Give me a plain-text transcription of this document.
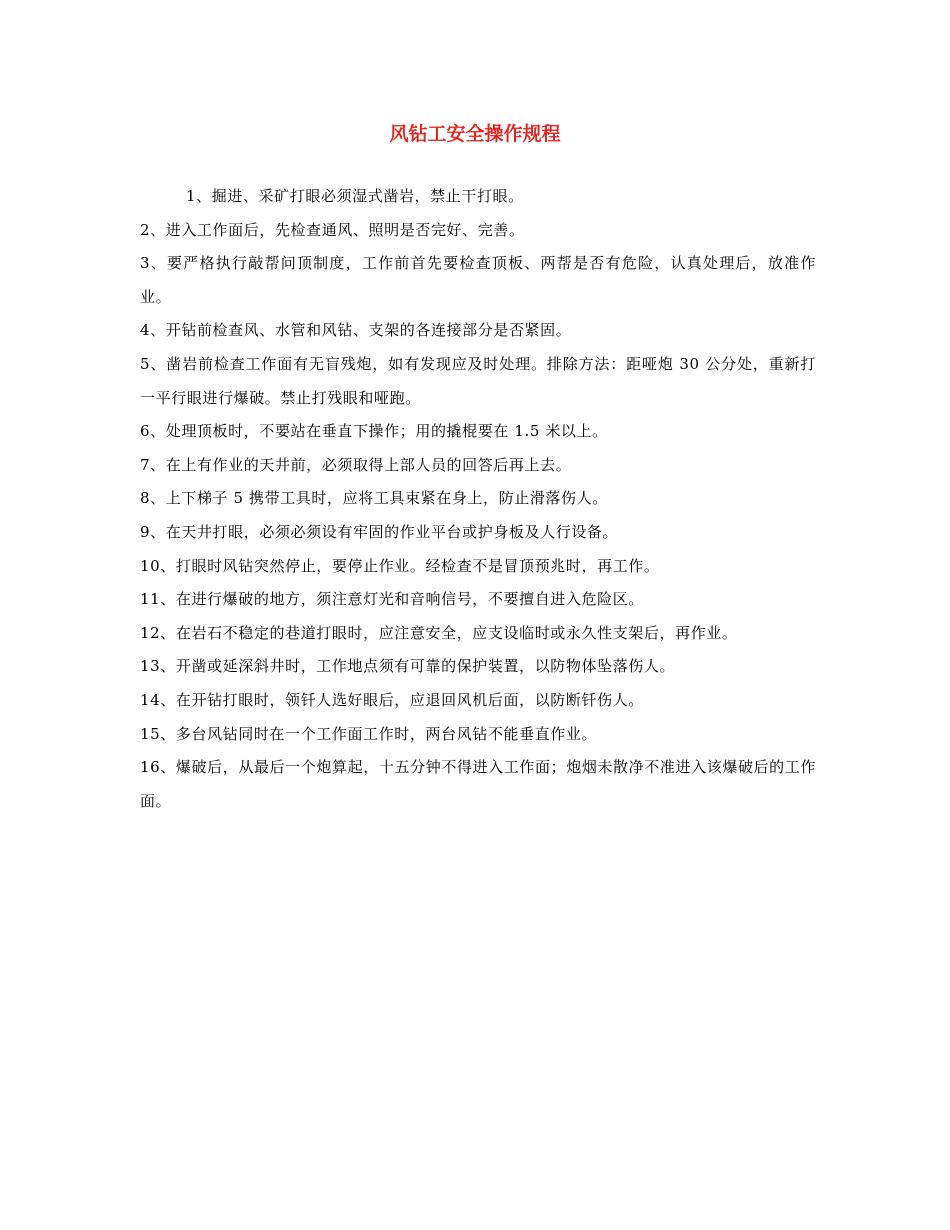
风钻工安全操作规程

1、掘进、采矿打眼必须湿式凿岩，禁止干打眼。

2、进入工作面后，先检查通风、照明是否完好、完善。

3、要严格执行敲帮问顶制度，工作前首先要检查顶板、两帮是否有危险，认真处理后，放准作业。

4、开钻前检查风、水管和风钻、支架的各连接部分是否紧固。

5、凿岩前检查工作面有无盲残炮，如有发现应及时处理。排除方法：距哑炮 30 公分处，重新打一平行眼进行爆破。禁止打残眼和哑跑。

6、处理顶板时，不要站在垂直下操作；用的撬棍要在 1.5 米以上。

7、在上有作业的天井前，必须取得上部人员的回答后再上去。

8、上下梯子 5 携带工具时，应将工具束紧在身上，防止滑落伤人。

9、在天井打眼，必须必须设有牢固的作业平台或护身板及人行设备。

10、打眼时风钻突然停止，要停止作业。经检查不是冒顶预兆时，再工作。

11、在进行爆破的地方，须注意灯光和音响信号，不要擅自进入危险区。

12、在岩石不稳定的巷道打眼时，应注意安全，应支设临时或永久性支架后，再作业。

13、开凿或延深斜井时，工作地点须有可靠的保护装置，以防物体坠落伤人。

14、在开钻打眼时，领钎人选好眼后，应退回风机后面，以防断钎伤人。

15、多台风钻同时在一个工作面工作时，两台风钻不能垂直作业。

16、爆破后，从最后一个炮算起，十五分钟不得进入工作面；炮烟未散净不准进入该爆破后的工作面。
